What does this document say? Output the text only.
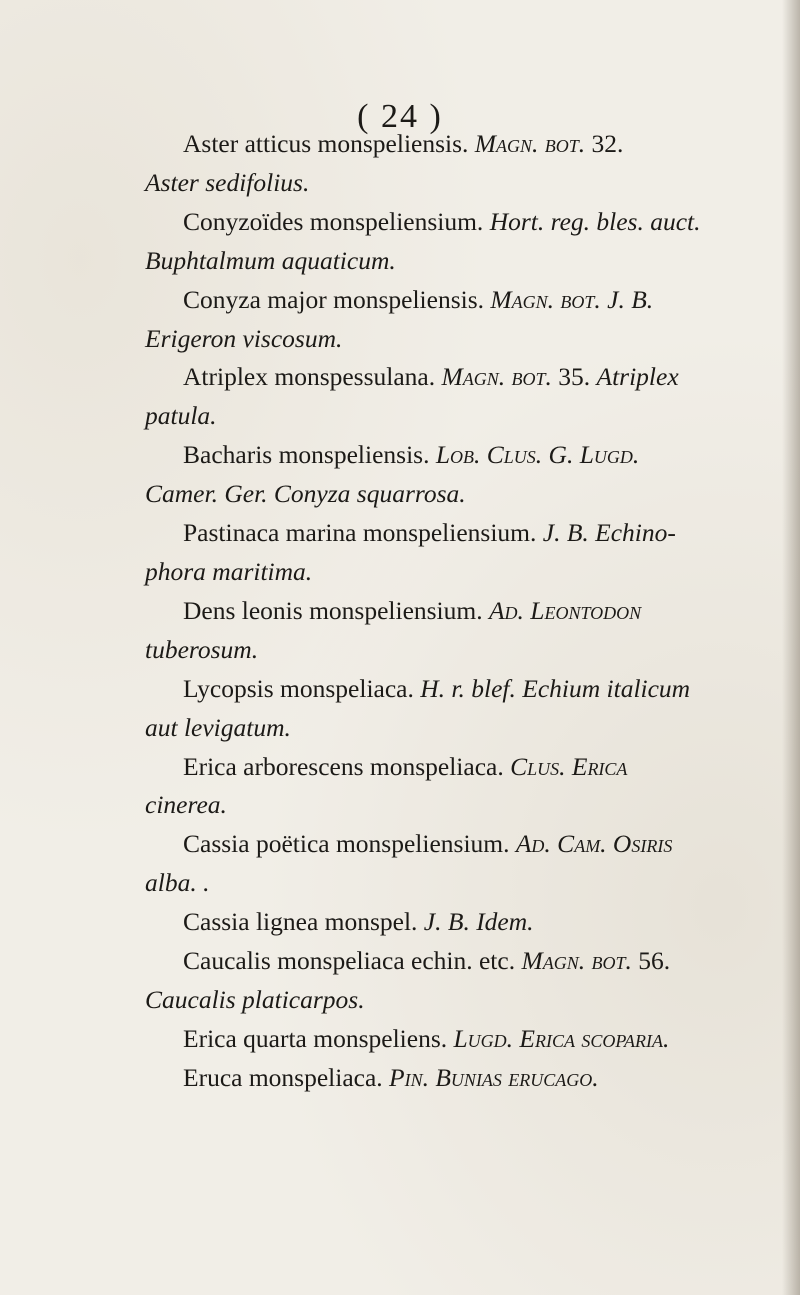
( 24 )
Aster atticus monspeliensis. Magn. bot. 32.
Aster sedifolius.
Conyzoïdes monspeliensium. Hort. reg. bles. auct.
Buphtalmum aquaticum.
Conyza major monspeliensis. Magn. bot. J. B.
Erigeron viscosum.
Atriplex monspessulana. Magn. bot. 35. Atriplex
patula.
Bacharis monspeliensis. Lob. Clus. G. Lugd.
Camer. Ger. Conyza squarrosa.
Pastinaca marina monspeliensium. J. B. Echino-
phora maritima.
Dens leonis monspeliensium. Ad. Leontodon
tuberosum.
Lycopsis monspeliaca. H. r. blef. Echium italicum
aut levigatum.
Erica arborescens monspeliaca. Clus. Erica
cinerea.
Cassia poëtica monspeliensium. Ad. Cam. Osiris
alba. .
Cassia lignea monspel. J. B. Idem.
Caucalis monspeliaca echin. etc. Magn. bot. 56.
Caucalis platicarpos.
Erica quarta monspeliens. Lugd. Erica scoparia.
Eruca monspeliaca. Pin. Bunias erucago.
